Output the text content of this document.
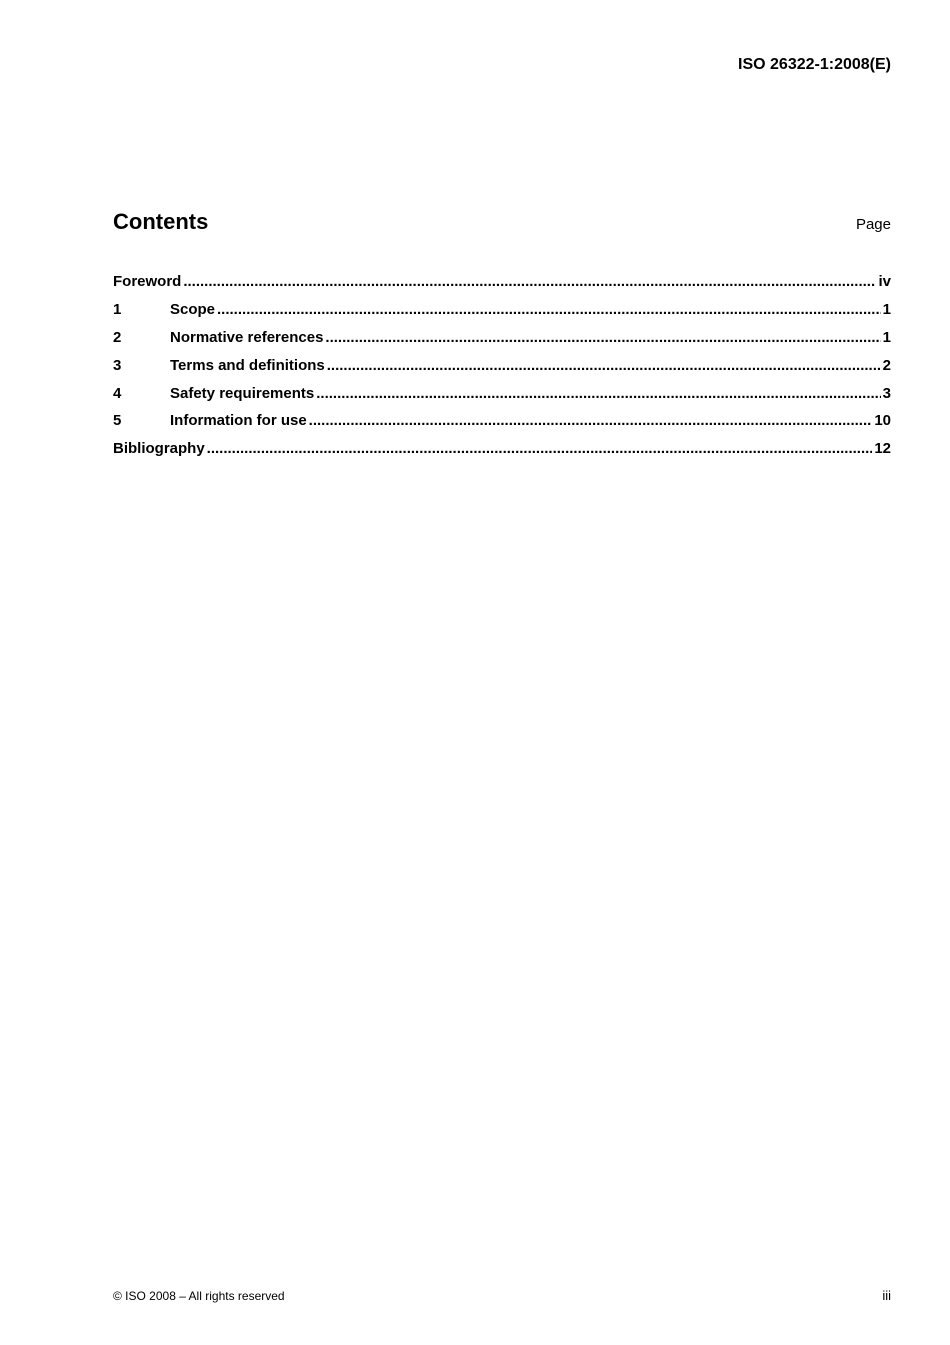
ISO 26322-1:2008(E)
Contents	Page
Foreword .....	iv
1	Scope .....	1
2	Normative references .....	1
3	Terms and definitions .....	2
4	Safety requirements .....	3
5	Information for use .....	10
Bibliography .....	12
© ISO 2008 – All rights reserved	iii
